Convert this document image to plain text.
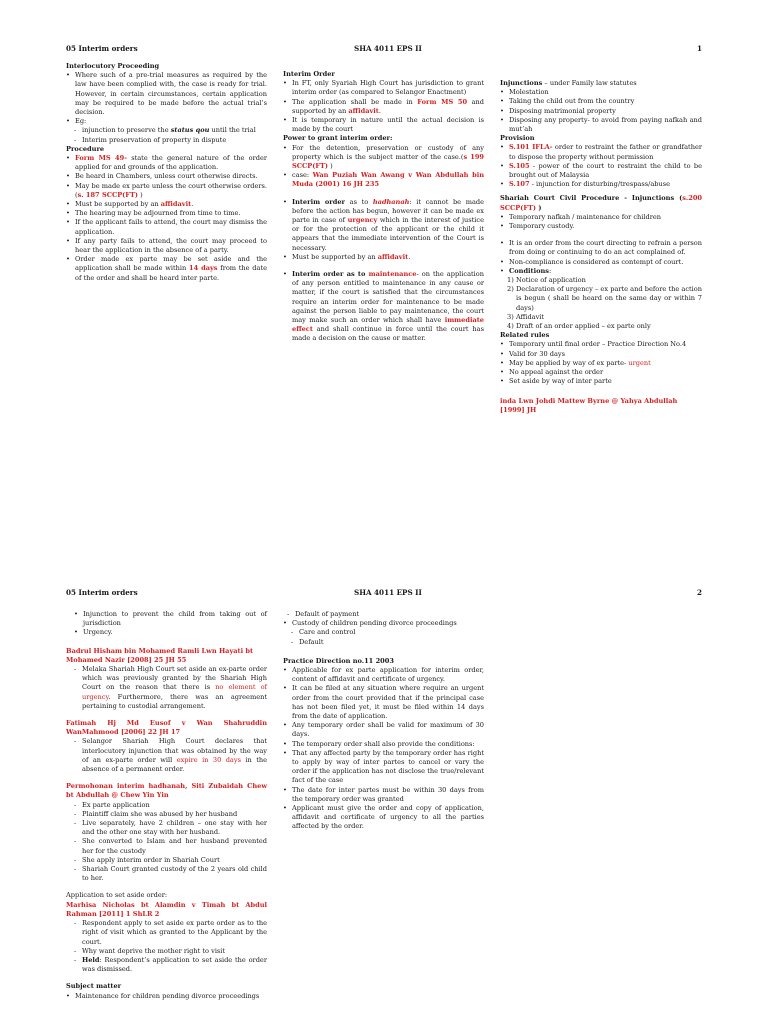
05 Interim orders	SHA 4011 EPS II	1

Interlocutory Proceeding

• Where such of a pre-trial measures as required by the law have been complied with, the case is ready for trial. However, in certain circumstances, certain application may be required to be made before the actual trial’s decision.
• Eg:
- injunction to preserve the status qou until the trial
- Interim preservation of property in dispute

Procedure

• Form MS 49- state the general nature of the order applied for and grounds of the application.
• Be heard in Chambers, unless court otherwise directs.
• May be made ex parte unless the court otherwise orders. (s. 187 SCCP(FT) )
• Must be supported by an affidavit.
• The hearing may be adjourned from time to time.
• If the applicant fails to attend, the court may dismiss the application.
• If any party fails to attend, the court may proceed to hear the application in the absence of a party.
• Order made ex parte may be set aside and the application shall be made within 14 days from the date of the order and shall be heard inter parte.

Interim Order

• In FT, only Syariah High Court has jurisdiction to grant interim order (as compared to Selangor Enactment)
• The application shall be made in Form MS 50 and supported by an affidavit.
• It is temporary in nature until the actual decision is made by the court

Power to grant interim order:

• For the detention, preservation or custody of any property which is the subject matter of the case.(s 199 SCCP(FT) )
• case: Wan Puziah Wan Awang v Wan Abdullah bin Muda (2001) 16 JH 235
• Interim order as to hadhanah: it cannot be made before the action has begun, however it can be made ex parte in case of urgency which in the interest of justice or for the protection of the applicant or the child it appears that the immediate intervention of the Court is necessary.
• Must be supported by an affidavit.
• Interim order as to maintenance- on the application of any person entitled to maintenance in any cause or matter, if the court is satisfied that the circumstances require an interim order for maintenance to be made against the person liable to pay maintenance, the court may make such an order which shall have immediate effect and shall continue in force until the court has made a decision on the cause or matter.

Injunctions – under Family law statutes

• Molestation
• Taking the child out from the country
• Disposing matrimonial property
• Disposing any property- to avoid from paying nafkah and mut’ah

Provision

• S.101 IFLA- order to restraint the father or grandfather to dispose the property without permission
• S.105 - power of the court to restraint the child to be brought out of Malaysia
• S.107 - injunction for disturbing/trespass/abuse

Shariah Court Civil Procedure - Injunctions (s.200 SCCP(FT) )

• Temporary nafkah / maintenance for children
• Temporary custody.
• It is an order from the court directing to refrain a person from doing or continuing to do an act complained of.
• Non-compliance is considered as contempt of court.
• Conditions:
1) Notice of application
2) Declaration of urgency – ex parte and before the action is begun ( shall be heard on the same day or within 7 days)
3) Affidavit
4) Draft of an order applied – ex parte only

Related rules

• Temporary until final order – Practice Direction No.4
• Valid for 30 days
• May be applied by way of ex parte- urgent
• No appeal against the order
• Set aside by way of inter parte

inda Lwn Johdi Mattew Byrne @ Yahya Abdullah [1999] JH

05 Interim orders	SHA 4011 EPS II	2
• Injunction to prevent the child from taking out of jurisdiction
• Urgency.

Badrul Hisham bin Mohamed Ramli Lwn Hayati bt Mohamed Nazir [2008] 25 JH 55

- Melaka Shariah High Court set aside an ex-parte order which was previously granted by the Shariah High Court on the reason that there is no element of urgency. Furthermore, there was an agreement pertaining to custodial arrangement.

Fatimah Hj Md Eusof v Wan Shahruddin WanMahmood [2006] 22 JH 17

- Selangor Shariah High Court declares that interlocutory injunction that was obtained by the way of an ex-parte order will expire in 30 days in the absence of a permanent order.

Permohonan interim hadhanah, Siti Zubaidah Chew bt Abdullah @ Chew Yin Yin

- Ex parte application
- Plaintiff claim she was abused by her husband
- Live separately, have 2 children – one stay with her and the other one stay with her husband.
- She converted to Islam and her husband prevented her for the custody
- She apply interim order in Shariah Court
- Shariah Court granted custody of the 2 years old child to her.

Application to set aside order:

Marhisa Nicholas bt Alamdin v Timah bt Abdul Rahman [2011] 1 ShLR 2

- Respondent apply to set aside ex parte order as to the right of visit which as granted to the Applicant by the court.
- Why want deprive the mother right to visit
- Held: Respondent’s application to set aside the order was dismissed.

Subject matter

• Maintenance for children pending divorce proceedings
- Default of payment
• Custody of children pending divorce proceedings
- Care and control
- Default

Practice Direction no.11 2003

• Applicable for ex parte application for interim order, content of affidavit and certificate of urgency.
• It can be filed at any situation where require an urgent order from the court provided that if the principal case has not been filed yet, it must be filed within 14 days from the date of application.
• Any temporary order shall be valid for maximum of 30 days.
• The temporary order shall also provide the conditions:
• That any affected party by the temporary order has right to apply by way of inter partes to cancel or vary the order if the application has not disclose the true/relevant fact of the case
• The date for inter partes must be within 30 days from the temporary order was granted
• Applicant must give the order and copy of application, affidavit and certificate of urgency to all the parties affected by the order.
